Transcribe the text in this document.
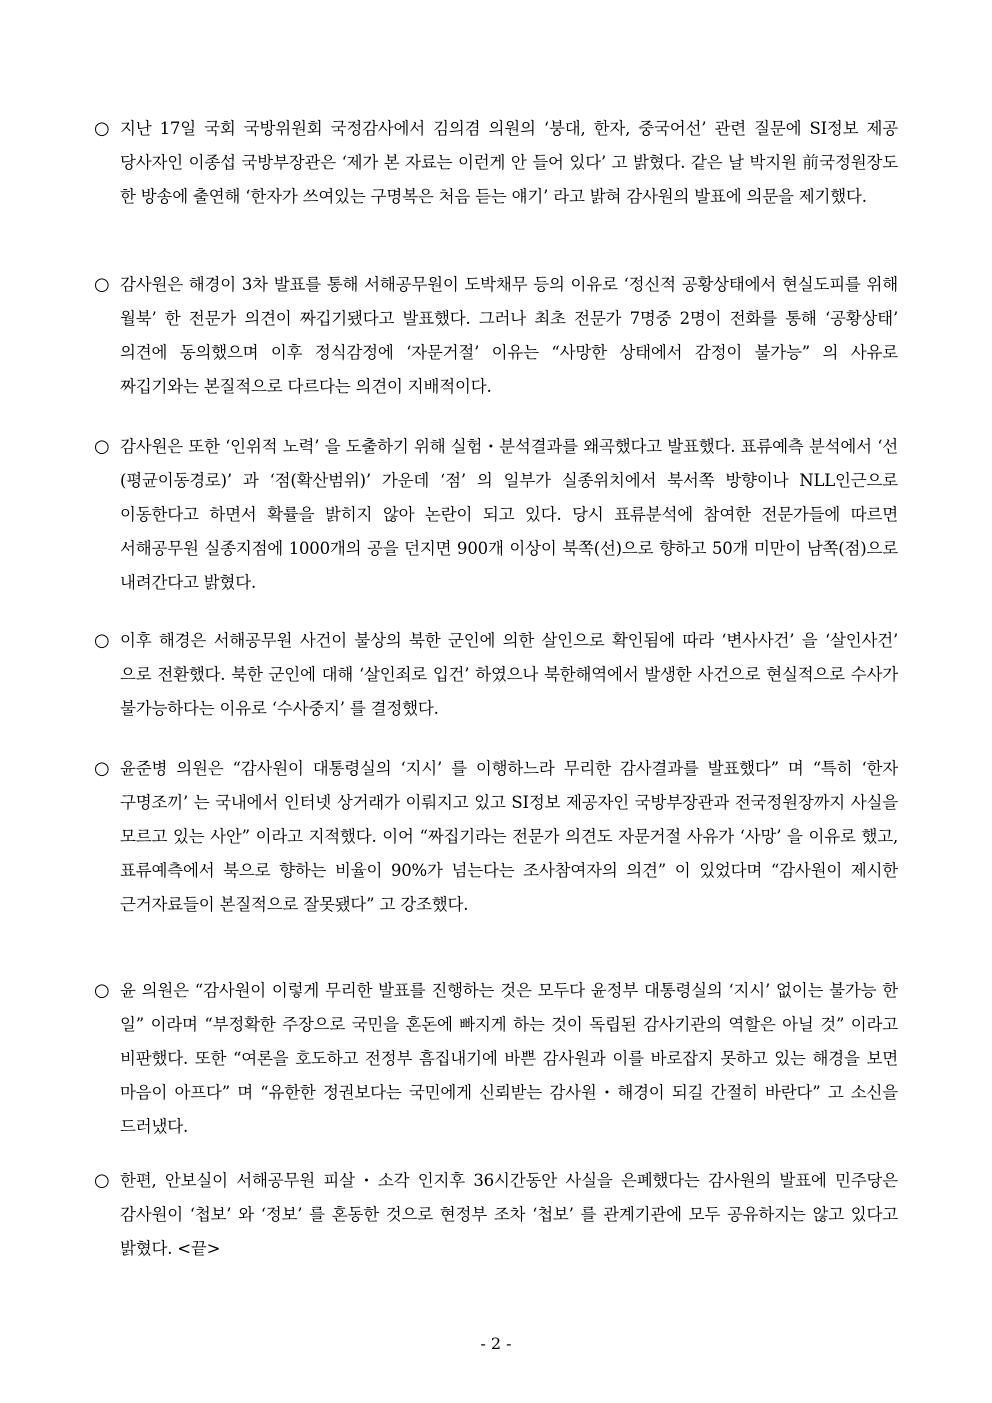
○ 지난 17일 국회 국방위원회 국정감사에서 김의겸 의원의 ‘붕대, 한자, 중국어선’ 관련 질문에 SI정보 제공 당사자인 이종섭 국방부장관은 ‘제가 본 자료는 이런게 안 들어 있다’ 고 밝혔다. 같은 날 박지원 前국정원장도 한 방송에 출연해 ‘한자가 쓰여있는 구명복은 처음 듣는 얘기’ 라고 밝혀 감사원의 발표에 의문을 제기했다.
○ 감사원은 해경이 3차 발표를 통해 서해공무원이 도박채무 등의 이유로 ‘정신적 공황상태에서 현실도피를 위해 월북’ 한 전문가 의견이 짜깁기됐다고 발표했다. 그러나 최초 전문가 7명중 2명이 전화를 통해 ‘공황상태’ 의견에 동의했으며 이후 정식감정에 ‘자문거절’ 이유는 “사망한 상태에서 감정이 불가능” 의 사유로 짜깁기와는 본질적으로 다르다는 의견이 지배적이다.
○ 감사원은 또한 ‘인위적 노력’ 을 도출하기 위해 실험・분석결과를 왜곡했다고 발표했다. 표류예측 분석에서 ‘선(평균이동경로)’ 과 ‘점(확산범위)’ 가운데 ‘점’ 의 일부가 실종위치에서 북서쪽 방향이나 NLL인근으로 이동한다고 하면서 확률을 밝히지 않아 논란이 되고 있다. 당시 표류분석에 참여한 전문가들에 따르면 서해공무원 실종지점에 1000개의 공을 던지면 900개 이상이 북쪽(선)으로 향하고 50개 미만이 남쪽(점)으로 내려간다고 밝혔다.
○ 이후 해경은 서해공무원 사건이 불상의 북한 군인에 의한 살인으로 확인됨에 따라 ‘변사사건’ 을 ‘살인사건’ 으로 전환했다. 북한 군인에 대해 ‘살인죄로 입건’ 하였으나 북한해역에서 발생한 사건으로 현실적으로 수사가 불가능하다는 이유로 ‘수사중지’ 를 결정했다.
○ 윤준병 의원은 “감사원이 대통령실의 ‘지시’ 를 이행하느라 무리한 감사결과를 발표했다” 며 “특히 ‘한자 구명조끼’ 는 국내에서 인터넷 상거래가 이뤄지고 있고 SI정보 제공자인 국방부장관과 전국정원장까지 사실을 모르고 있는 사안” 이라고 지적했다. 이어 “짜집기라는 전문가 의견도 자문거절 사유가 ‘사망’ 을 이유로 했고, 표류예측에서 북으로 향하는 비율이 90%가 넘는다는 조사참여자의 의견” 이 있었다며 “감사원이 제시한 근거자료들이 본질적으로 잘못됐다” 고 강조했다.
○ 윤 의원은 “감사원이 이렇게 무리한 발표를 진행하는 것은 모두다 윤정부 대통령실의 ‘지시’ 없이는 불가능 한 일” 이라며 “부정확한 주장으로 국민을 혼돈에 빠지게 하는 것이 독립된 감사기관의 역할은 아닐 것” 이라고 비판했다. 또한 “여론을 호도하고 전정부 흠집내기에 바쁜 감사원과 이를 바로잡지 못하고 있는 해경을 보면 마음이 아프다” 며 “유한한 정권보다는 국민에게 신뢰받는 감사원・해경이 되길 간절히 바란다” 고 소신을 드러냈다.
○ 한편, 안보실이 서해공무원 피살・소각 인지후 36시간동안 사실을 은폐했다는 감사원의 발표에 민주당은 감사원이 ‘첩보’ 와 ‘정보’ 를 혼동한 것으로 현정부 조차 ‘첩보’ 를 관계기관에 모두 공유하지는 않고 있다고 밝혔다. <끝>
- 2 -
